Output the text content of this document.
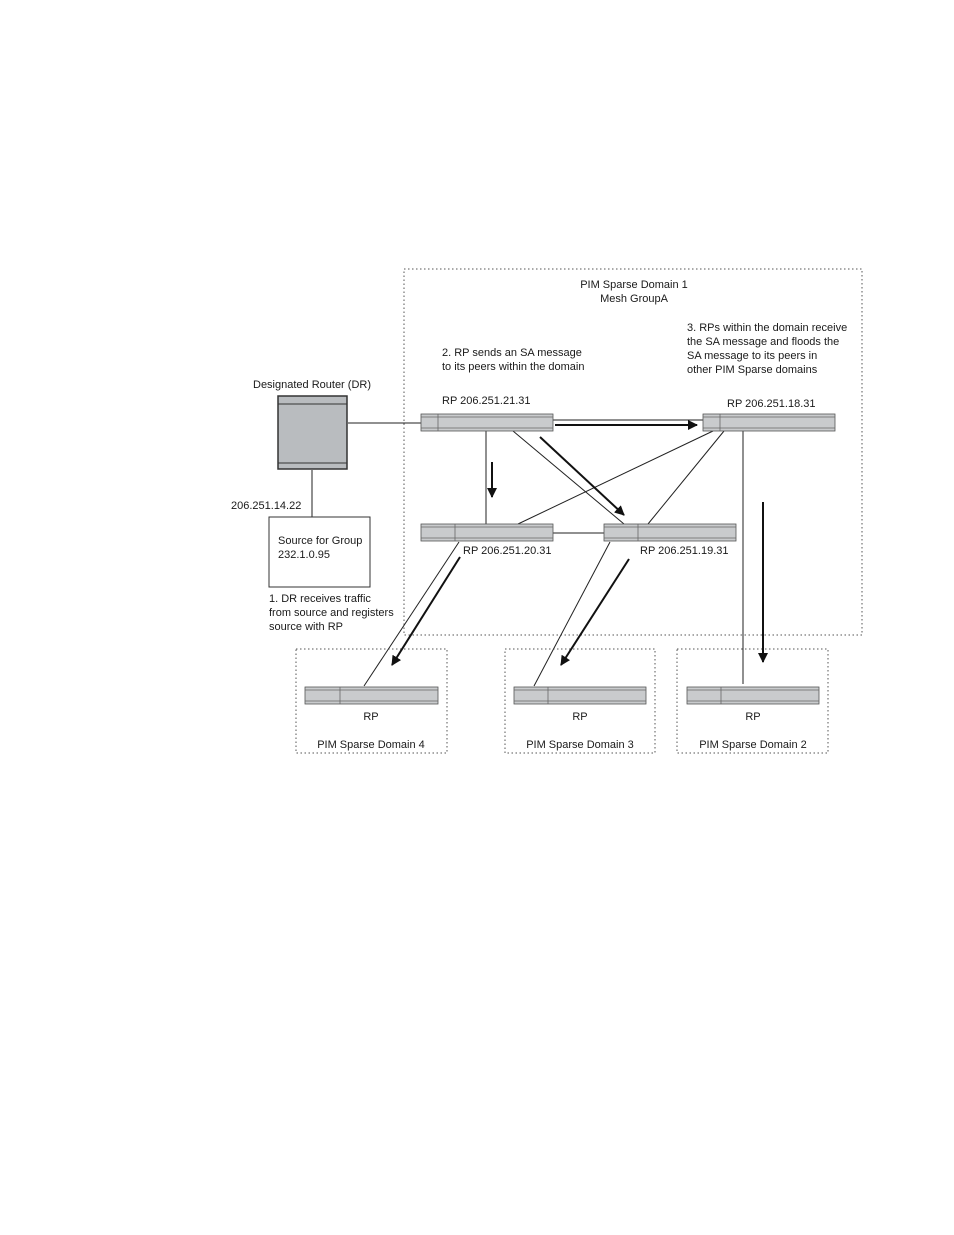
PIM Sparse Domain 1
Mesh GroupA
2. RP sends an SA message
to its peers within the domain
3. RPs within the domain receive
the SA message and floods the
SA message to its peers in
other PIM Sparse domains
Designated Router (DR)
206.251.14.22
Source for Group
232.1.0.95
1. DR receives traffic
from source and registers
source with RP
RP 206.251.21.31	RP 206.251.18.31
RP 206.251.20.31	RP 206.251.19.31
RP
PIM Sparse Domain 4
RP
PIM Sparse Domain 3
RP
PIM Sparse Domain 2
